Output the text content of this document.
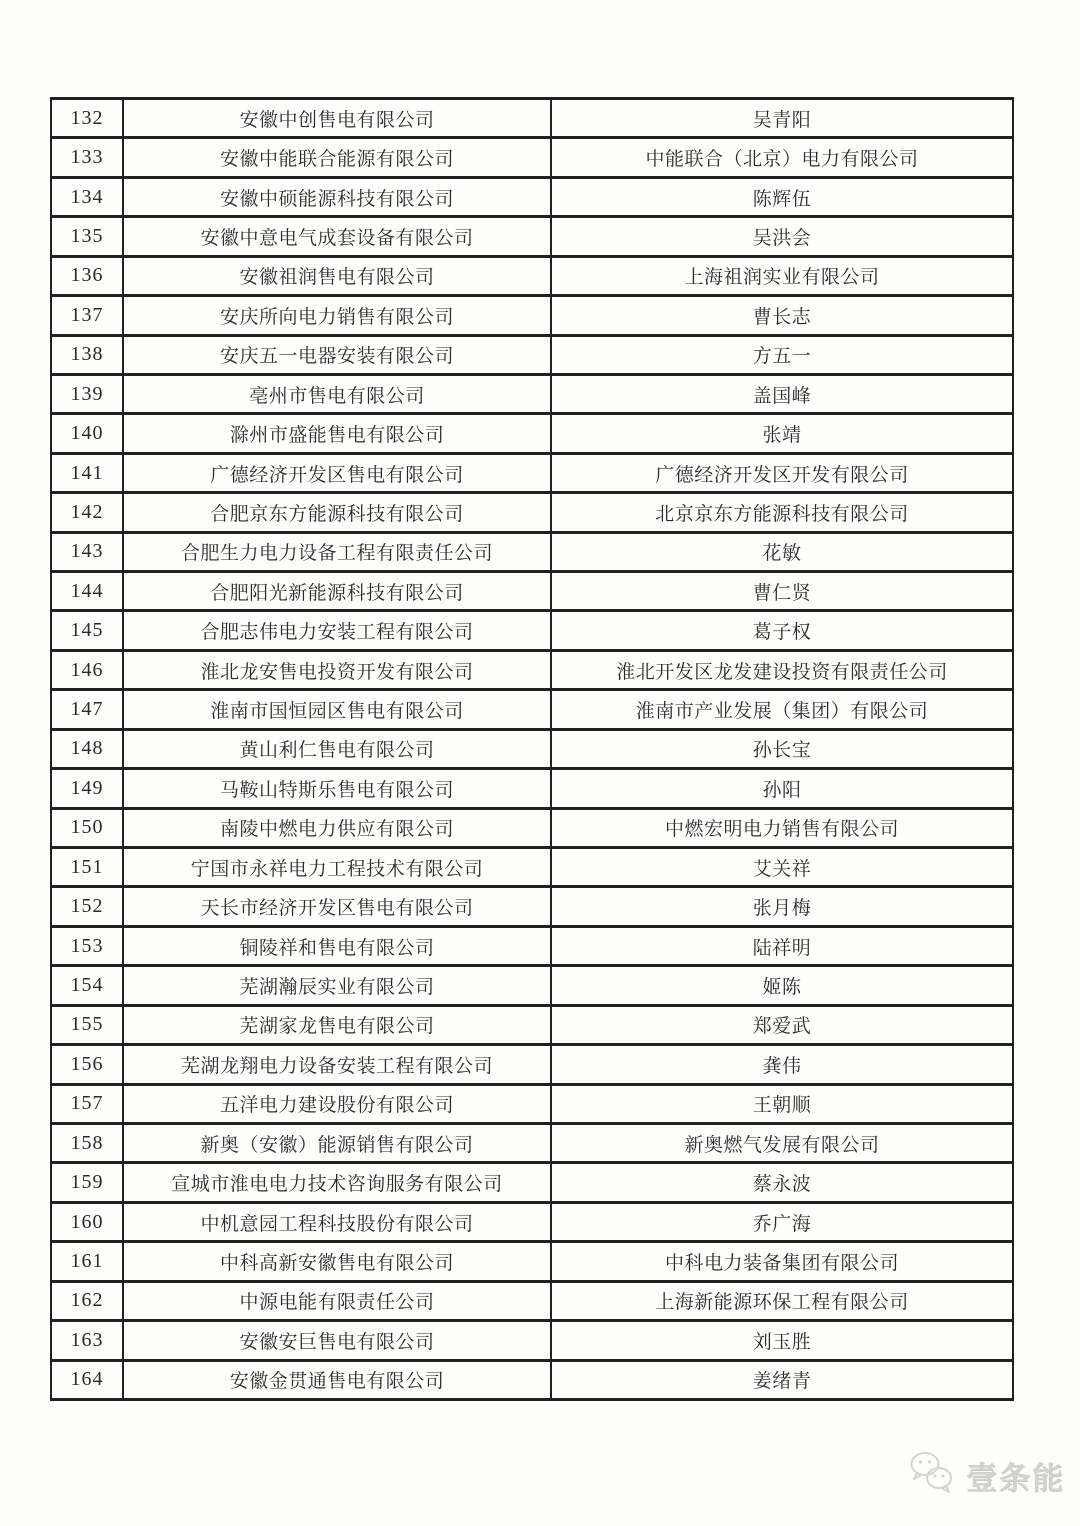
132	安徽中创售电有限公司	吴青阳
133	安徽中能联合能源有限公司	中能联合（北京）电力有限公司
134	安徽中硕能源科技有限公司	陈辉伍
135	安徽中意电气成套设备有限公司	吴洪会
136	安徽祖润售电有限公司	上海祖润实业有限公司
137	安庆所向电力销售有限公司	曹长志
138	安庆五一电器安装有限公司	方五一
139	亳州市售电有限公司	盖国峰
140	滁州市盛能售电有限公司	张靖
141	广德经济开发区售电有限公司	广德经济开发区开发有限公司
142	合肥京东方能源科技有限公司	北京京东方能源科技有限公司
143	合肥生力电力设备工程有限责任公司	花敏
144	合肥阳光新能源科技有限公司	曹仁贤
145	合肥志伟电力安装工程有限公司	葛子权
146	淮北龙安售电投资开发有限公司	淮北开发区龙发建设投资有限责任公司
147	淮南市国恒园区售电有限公司	淮南市产业发展（集团）有限公司
148	黄山利仁售电有限公司	孙长宝
149	马鞍山特斯乐售电有限公司	孙阳
150	南陵中燃电力供应有限公司	中燃宏明电力销售有限公司
151	宁国市永祥电力工程技术有限公司	艾关祥
152	天长市经济开发区售电有限公司	张月梅
153	铜陵祥和售电有限公司	陆祥明
154	芜湖瀚辰实业有限公司	姬陈
155	芜湖家龙售电有限公司	郑爱武
156	芜湖龙翔电力设备安装工程有限公司	龚伟
157	五洋电力建设股份有限公司	王朝顺
158	新奥（安徽）能源销售有限公司	新奥燃气发展有限公司
159	宣城市淮电电力技术咨询服务有限公司	蔡永波
160	中机意园工程科技股份有限公司	乔广海
161	中科高新安徽售电有限公司	中科电力装备集团有限公司
162	中源电能有限责任公司	上海新能源环保工程有限公司
163	安徽安巨售电有限公司	刘玉胜
164	安徽金贯通售电有限公司	姜绪青
壹条能
